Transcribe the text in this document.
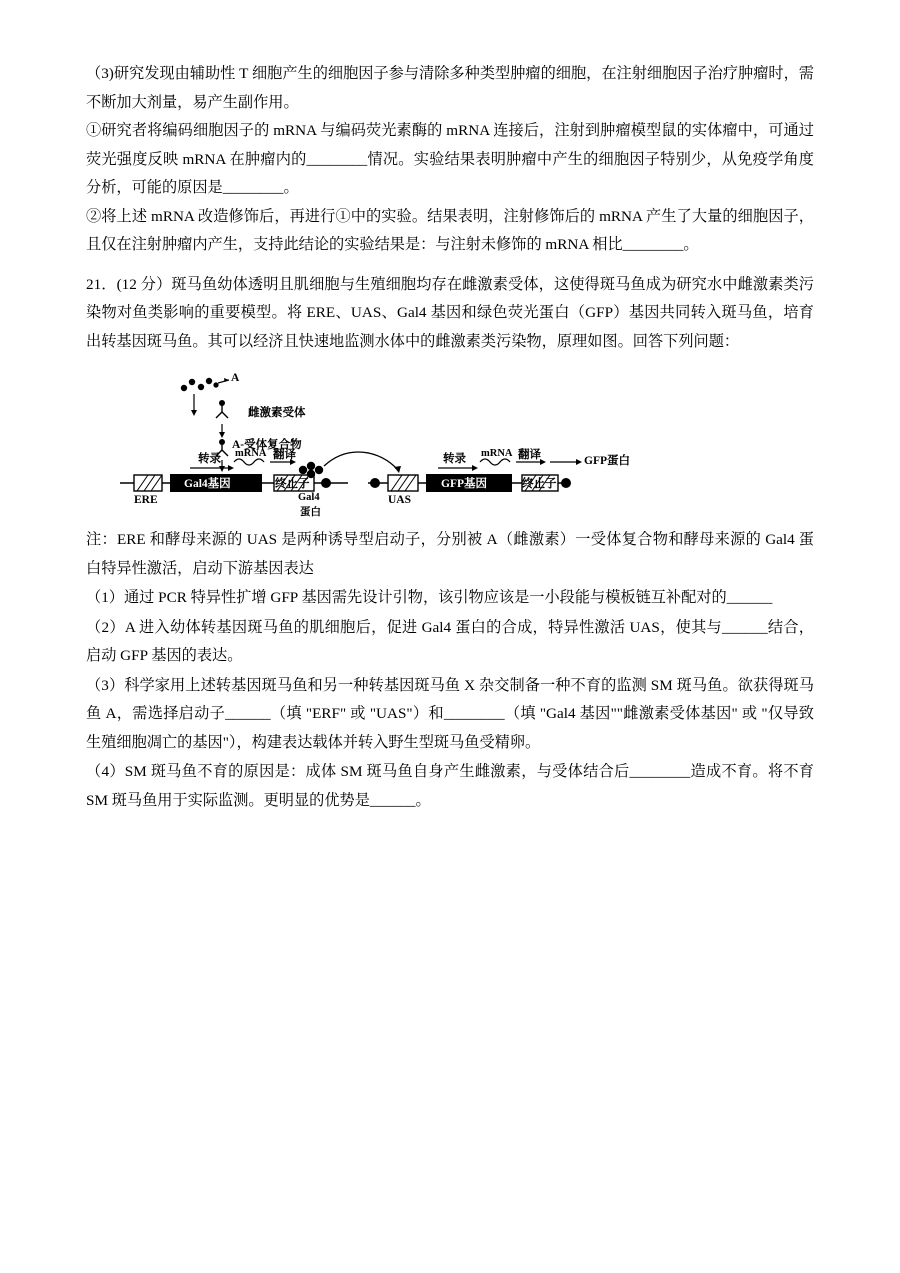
（3)研究发现由辅助性 T 细胞产生的细胞因子参与清除多种类型肿瘤的细胞，在注射细胞因子治疗肿瘤时，需不断加大剂量，易产生副作用。

①研究者将编码细胞因子的 mRNA 与编码荧光素酶的 mRNA 连接后，注射到肿瘤模型鼠的实体瘤中，可通过荧光强度反映 mRNA 在肿瘤内的________情况。实验结果表明肿瘤中产生的细胞因子特别少，从免疫学角度分析，可能的原因是________。

②将上述 mRNA 改造修饰后，再进行①中的实验。结果表明，注射修饰后的 mRNA 产生了大量的细胞因子，且仅在注射肿瘤内产生，支持此结论的实验结果是：与注射未修饰的 mRNA 相比________。

21．(12 分）斑马鱼幼体透明且肌细胞与生殖细胞均存在雌激素受体，这使得斑马鱼成为研究水中雌激素类污染物对鱼类影响的重要模型。将 ERE、UAS、Gal4 基因和绿色荧光蛋白（GFP）基因共同转入斑马鱼，培育出转基因斑马鱼。其可以经济且快速地监测水体中的雌激素类污染物，原理如图。回答下列问题：

A
雌激素受体
A-受体复合物
转录 mRNA 翻译
ERE
Gal4基因	终止子
Gal4
蛋白
UAS
GFP基因	终止子
转录 mRNA 翻译	GFP蛋白

注：ERE 和酵母来源的 UAS 是两种诱导型启动子，分别被 A（雌激素）一受体复合物和酵母来源的 Gal4 蛋白特异性激活，启动下游基因表达

（1）通过 PCR 特异性扩增 GFP 基因需先设计引物，该引物应该是一小段能与模板链互补配对的______

（2）A 进入幼体转基因斑马鱼的肌细胞后，促进 Gal4 蛋白的合成，特异性激活 UAS，使其与______结合，启动 GFP 基因的表达。

（3）科学家用上述转基因斑马鱼和另一种转基因斑马鱼 X 杂交制备一种不育的监测 SM 斑马鱼。欲获得斑马鱼 A，需选择启动子______（填 "ERF" 或 "UAS"）和________（填 "Gal4 基因""雌激素受体基因" 或 "仅导致生殖细胞凋亡的基因"），构建表达载体并转入野生型斑马鱼受精卵。

（4）SM 斑马鱼不育的原因是：成体 SM 斑马鱼自身产生雌激素，与受体结合后________造成不育。将不育 SM 斑马鱼用于实际监测。更明显的优势是______。
